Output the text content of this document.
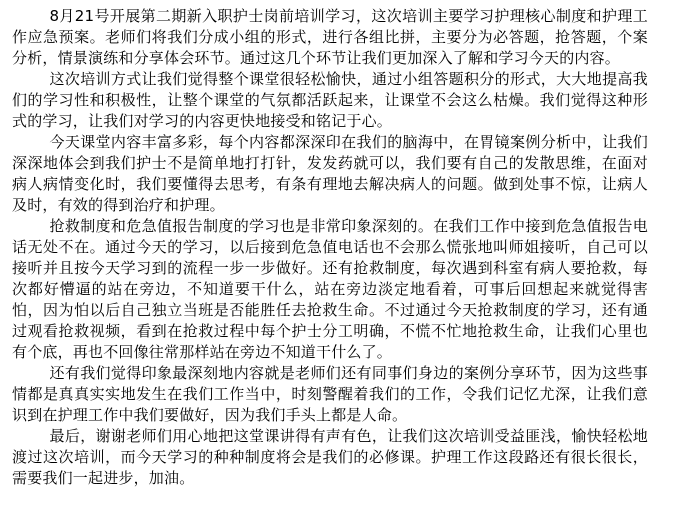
8月21号开展第二期新入职护士岗前培训学习，这次培训主要学习护理核心制度和护理工作应急预案。老师们将我们分成小组的形式，进行各组比拼，主要分为必答题，抢答题，个案分析，情景演练和分享体会环节。通过这几个环节让我们更加深入了解和学习今天的内容。

这次培训方式让我们觉得整个课堂很轻松愉快，通过小组答题积分的形式，大大地提高我们的学习性和积极性，让整个课堂的气氛都活跃起来，让课堂不会这么枯燥。我们觉得这种形式的学习，让我们对学习的内容更快地接受和铭记于心。

今天课堂内容丰富多彩，每个内容都深深印在我们的脑海中，在胃镜案例分析中，让我们深深地体会到我们护士不是简单地打打针，发发药就可以，我们要有自己的发散思维，在面对病人病情变化时，我们要懂得去思考，有条有理地去解决病人的问题。做到处事不惊，让病人及时，有效的得到治疗和护理。

抢救制度和危急值报告制度的学习也是非常印象深刻的。在我们工作中接到危急值报告电话无处不在。通过今天的学习，以后接到危急值电话也不会那么慌张地叫师姐接听，自己可以接听并且按今天学习到的流程一步一步做好。还有抢救制度，每次遇到科室有病人要抢救，每次都好懵逼的站在旁边，不知道要干什么，站在旁边淡定地看着，可事后回想起来就觉得害怕，因为怕以后自己独立当班是否能胜任去抢救生命。不过通过今天抢救制度的学习，还有通过观看抢救视频，看到在抢救过程中每个护士分工明确，不慌不忙地抢救生命，让我们心里也有个底，再也不回像往常那样站在旁边不知道干什么了。

还有我们觉得印象最深刻地内容就是老师们还有同事们身边的案例分享环节，因为这些事情都是真真实实地发生在我们工作当中，时刻警醒着我们的工作，令我们记忆尤深，让我们意识到在护理工作中我们要做好，因为我们手头上都是人命。

最后，谢谢老师们用心地把这堂课讲得有声有色，让我们这次培训受益匪浅，愉快轻松地渡过这次培训，而今天学习的种种制度将会是我们的必修课。护理工作这段路还有很长很长，需要我们一起进步，加油。
